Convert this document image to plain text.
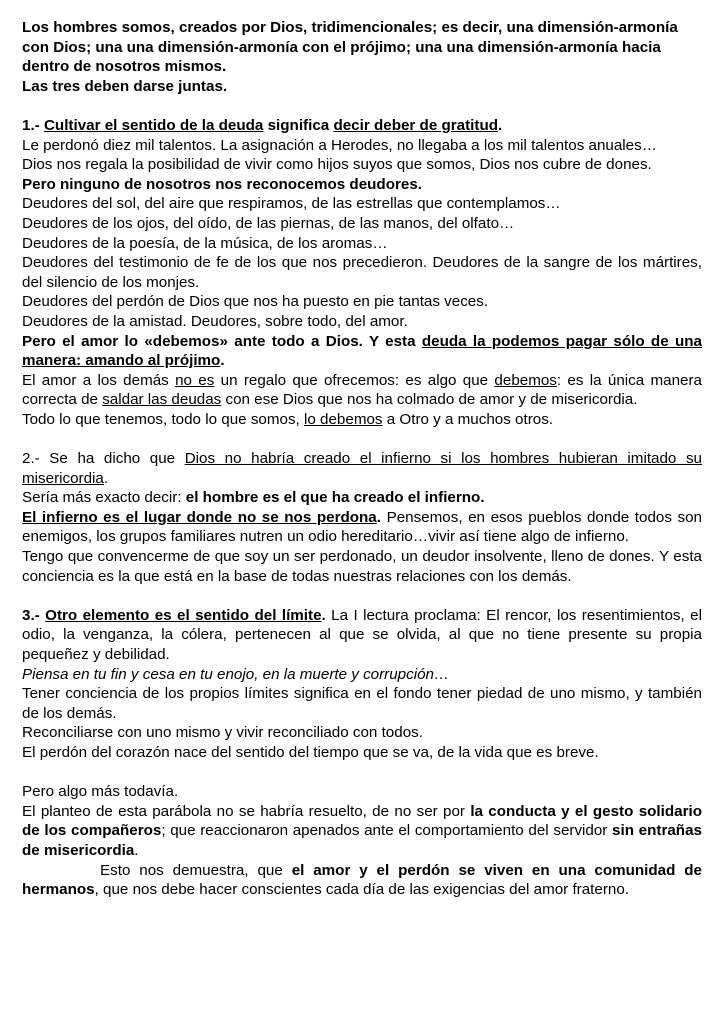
Los hombres somos, creados por Dios, tridimencionales; es decir, una dimensión-armonía con Dios; una una dimensión-armonía con el prójimo; una una dimensión-armonía hacia dentro de nosotros mismos.

Las tres deben darse juntas.

1.- Cultivar el sentido de la deuda significa decir deber de gratitud.

Le perdonó diez mil talentos. La asignación a Herodes, no llegaba a los mil talentos anuales…

Dios nos regala la posibilidad de vivir como hijos suyos que somos, Dios nos cubre de dones.

Pero ninguno de nosotros nos reconocemos deudores.

Deudores del sol, del aire que respiramos, de las estrellas que contemplamos…

Deudores de los ojos, del oído, de las piernas, de las manos, del olfato…

Deudores de la poesía, de la música, de los aromas…

Deudores del testimonio de fe de los que nos precedieron. Deudores de la sangre de los mártires, del silencio de los monjes.

Deudores del perdón de Dios que nos ha puesto en pie tantas veces.

Deudores de la amistad. Deudores, sobre todo, del amor.

Pero el amor lo «debemos» ante todo a Dios. Y esta deuda la podemos pagar sólo de una manera: amando al prójimo.

El amor a los demás no es un regalo que ofrecemos: es algo que debemos: es la única manera correcta de saldar las deudas con ese Dios que nos ha colmado de amor y de misericordia.

Todo lo que tenemos, todo lo que somos, lo debemos a Otro y a muchos otros.

2.- Se ha dicho que Dios no habría creado el infierno si los hombres hubieran imitado su misericordia.

Sería más exacto decir: el hombre es el que ha creado el infierno.

El infierno es el lugar donde no se nos perdona. Pensemos, en esos pueblos donde todos son enemigos, los grupos familiares nutren un odio hereditario…vivir así tiene algo de infierno.

Tengo que convencerme de que soy un ser perdonado, un deudor insolvente, lleno de dones. Y esta conciencia es la que está en la base de todas nuestras relaciones con los demás.

3.- Otro elemento es el sentido del límite. La I lectura proclama: El rencor, los resentimientos, el odio, la venganza, la cólera, pertenecen al que se olvida, al que no tiene presente su propia pequeñez y debilidad.

Piensa en tu fin y cesa en tu enojo, en la muerte y corrupción…

Tener conciencia de los propios límites significa en el fondo tener piedad de uno mismo, y también de los demás.

Reconciliarse con uno mismo y vivir reconciliado con todos.

El perdón del corazón nace del sentido del tiempo que se va, de la vida que es breve.

Pero algo más todavía.

El planteo de esta parábola no se habría resuelto, de no ser por la conducta y el gesto solidario de los compañeros; que reaccionaron apenados ante el comportamiento del servidor sin entrañas de misericordia.

Esto nos demuestra, que el amor y el perdón se viven en una comunidad de hermanos, que nos debe hacer conscientes cada día de las exigencias del amor fraterno.
